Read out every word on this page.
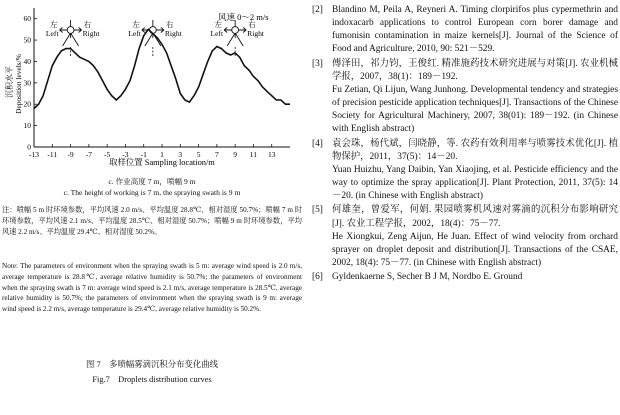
0
10
20
30
40
50
60
-13 -11 -9 -7 -5 -3 -1 1 3 5 7 9 11 13
左
Left
右
Right
左
Left
右
Right
左
Left
右
Right
风速 0～2 m/s
沉积水平 Deposition levels/%
取样位置 Sampling location/m
c. 作业高度 7 m，喷幅 9 m
c. The height of working is 7 m, the spraying swath is 9 m
注：喷幅 5 m 时环境参数，平均风速 2.0 m/s、平均温度 28.8℃、相对湿度 50.7%；喷幅 7 m 时环境参数，平均风速 2.1 m/s、平均温度 28.5℃、相对湿度 50.7%；喷幅 9 m 时环境参数，平均风速 2.2 m/s、平均温度 29.4℃、相对湿度 50.2%。
Note: The parameters of environment when the spraying swath is 5 m: average wind speed is 2.0 m/s, average temperature is 28.8℃, average relative humidity is 50.7%; the parameters of environment when the spraying swath is 7 m: average wind speed is 2.1 m/s, average temperature is 28.5℃, average relative humidity is 50.7%; the parameters of environment when the spraying swath is 9 m: average wind speed is 2.2 m/s, average temperature is 29.4℃, average relative humidity is 50.2%.
图 7　多喷幅雾滴沉积分布变化曲线
Fig.7　Droplets distribution curves
[2] Blandino M, Peila A, Reyneri A. Timing clorpirifos plus cypermethrin and indoxacarb applications to control European corn borer damage and fumonisin contamination in maize kernels[J]. Journal of the Science of Food and Agriculture, 2010, 90: 521－529.

[3] 傅泽田，祁力钧，王俊红. 精准施药技术研究进展与对策[J]. 农业机械学报，2007，38(1)：189－192.

Fu Zetian, Qi Lijun, Wang Junhong. Developmental tendency and strategies of precision pesticide application techniques[J]. Transactions of the Chinese Society for Agricultural Machinery, 2007, 38(01): 189－192. (in Chinese with English abstract)

[4] 袁会珠，杨代斌，闫晓静，等. 农药有效利用率与喷雾技术优化[J]. 植物保护，2011，37(5)：14－20.

Yuan Huizhu, Yang Daibin, Yan Xiaojing, et al. Pesticide efficiency and the way to optimize the spray application[J]. Plant Protection, 2011, 37(5): 14－20. (in Chinese with English abstract)

[5] 何雄奎，曾爱军，何娟. 果园喷雾机风速对雾滴的沉积分布影响研究[J]. 农业工程学报，2002，18(4)：75－77.

He Xiongkui, Zeng Aijun, He Juan. Effect of wind velocity from orchard sprayer on droplet deposit and distribution[J]. Transactions of the CSAE, 2002, 18(4): 75－77. (in Chinese with English abstract)

[6] Gyldenkaerne S, Secher B J M, Nordbo E. Ground
